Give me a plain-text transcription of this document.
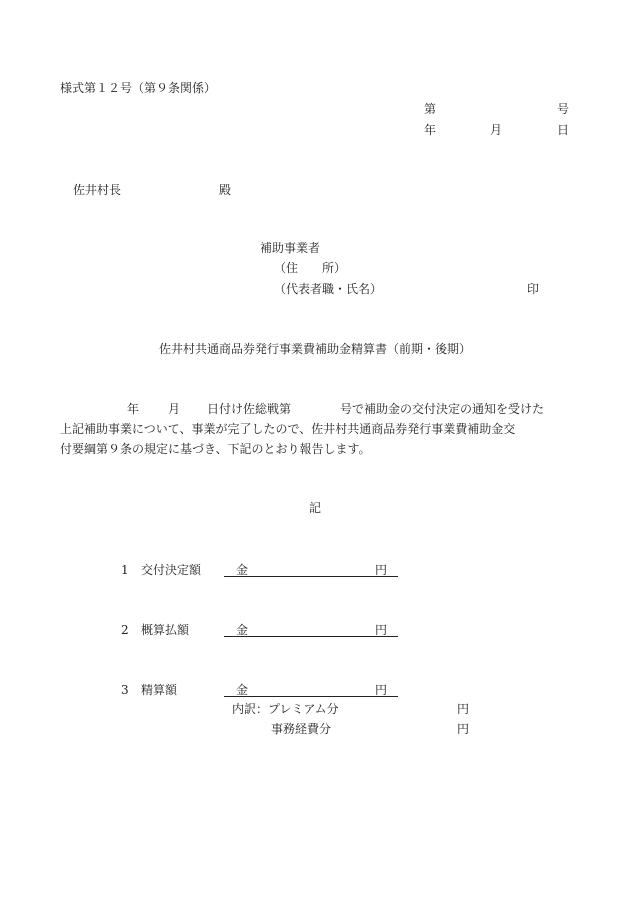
様式第１２号（第９条関係）
第	号
年	月	日
佐井村長	殿
補助事業者
（住　　所）
（代表者職・氏名）	印
佐井村共通商品券発行事業費補助金精算書（前期・後期）
年 月 日付け佐総戦第	号で補助金の交付決定の通知を受けた
上記補助事業について、事業が完了したので、佐井村共通商品券発行事業費補助金交
付要綱第９条の規定に基づき、下記のとおり報告します。
記
1 交付決定額	金	円
2 概算払額	金	円
3 精算額	金	円
内訳：プレミアム分	円
事務経費分	円
